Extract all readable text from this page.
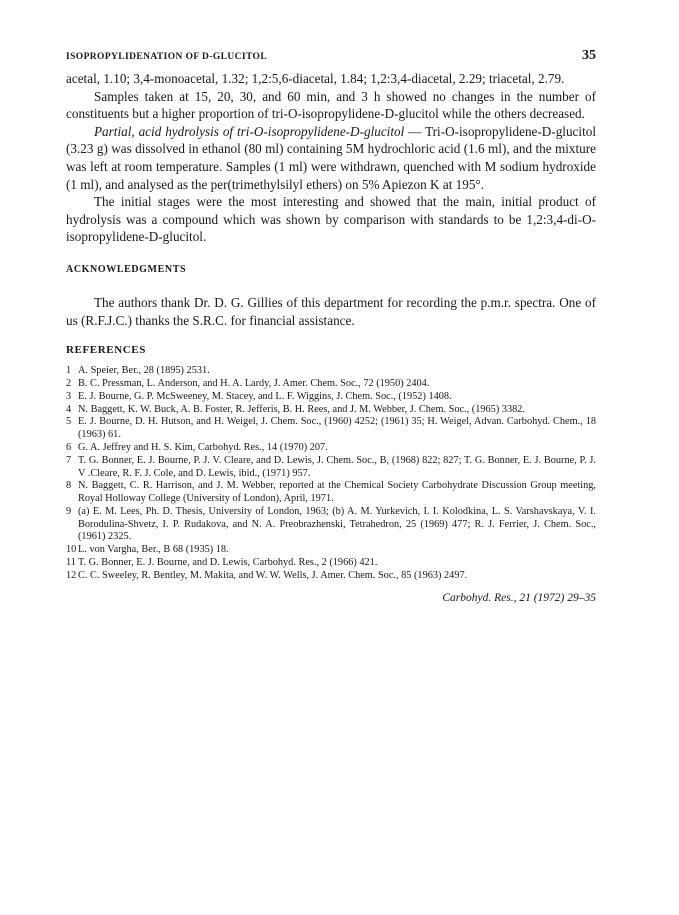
ISOPROPYLIDENATION OF D-GLUCITOL	35

acetal, 1.10; 3,4-monoacetal, 1.32; 1,2:5,6-diacetal, 1.84; 1,2:3,4-diacetal, 2.29; triacetal, 2.79.

Samples taken at 15, 20, 30, and 60 min, and 3 h showed no changes in the number of constituents but a higher proportion of tri-O-isopropylidene-D-glucitol while the others decreased.

Partial, acid hydrolysis of tri-O-isopropylidene-D-glucitol — Tri-O-isopropylidene-D-glucitol (3.23 g) was dissolved in ethanol (80 ml) containing 5M hydrochloric acid (1.6 ml), and the mixture was left at room temperature. Samples (1 ml) were withdrawn, quenched with M sodium hydroxide (1 ml), and analysed as the per(trimethylsilyl ethers) on 5% Apiezon K at 195°.

The initial stages were the most interesting and showed that the main, initial product of hydrolysis was a compound which was shown by comparison with standards to be 1,2:3,4-di-O-isopropylidene-D-glucitol.

ACKNOWLEDGMENTS

The authors thank Dr. D. G. Gillies of this department for recording the p.m.r. spectra. One of us (R.F.J.C.) thanks the S.R.C. for financial assistance.

REFERENCES
1 A. Speier, Ber., 28 (1895) 2531.
2 B. C. Pressman, L. Anderson, and H. A. Lardy, J. Amer. Chem. Soc., 72 (1950) 2404.
3 E. J. Bourne, G. P. McSweeney, M. Stacey, and L. F. Wiggins, J. Chem. Soc., (1952) 1408.
4 N. Baggett, K. W. Buck, A. B. Foster, R. Jefferis, B. H. Rees, and J. M. Webber, J. Chem. Soc., (1965) 3382.
5 E. J. Bourne, D. H. Hutson, and H. Weigel, J. Chem. Soc., (1960) 4252; (1961) 35; H. Weigel, Advan. Carbohyd. Chem., 18 (1963) 61.
6 G. A. Jeffrey and H. S. Kim, Carbohyd. Res., 14 (1970) 207.
7 T. G. Bonner, E. J. Bourne, P. J. V. Cleare, and D. Lewis, J. Chem. Soc., B, (1968) 822; 827; T. G. Bonner, E. J. Bourne, P. J. V .Cleare, R. F. J. Cole, and D. Lewis, ibid., (1971) 957.
8 N. Baggett, C. R. Harrison, and J. M. Webber, reported at the Chemical Society Carbohydrate Discussion Group meeting, Royal Holloway College (University of London), April, 1971.
9 (a) E. M. Lees, Ph. D. Thesis, University of London, 1963; (b) A. M. Yurkevich, I. I. Kolodkina, L. S. Varshavskaya, V. I. Borodulina-Shvetz, I. P. Rudakova, and N. A. Preobrazhenski, Tetrahedron, 25 (1969) 477; R. J. Ferrier, J. Chem. Soc., (1961) 2325.
10 L. von Vargha, Ber., B 68 (1935) 18.
11 T. G. Bonner, E. J. Bourne, and D. Lewis, Carbohyd. Res., 2 (1966) 421.
12 C. C. Sweeley, R. Bentley, M. Makita, and W. W. Wells, J. Amer. Chem. Soc., 85 (1963) 2497.
Carbohyd. Res., 21 (1972) 29–35
